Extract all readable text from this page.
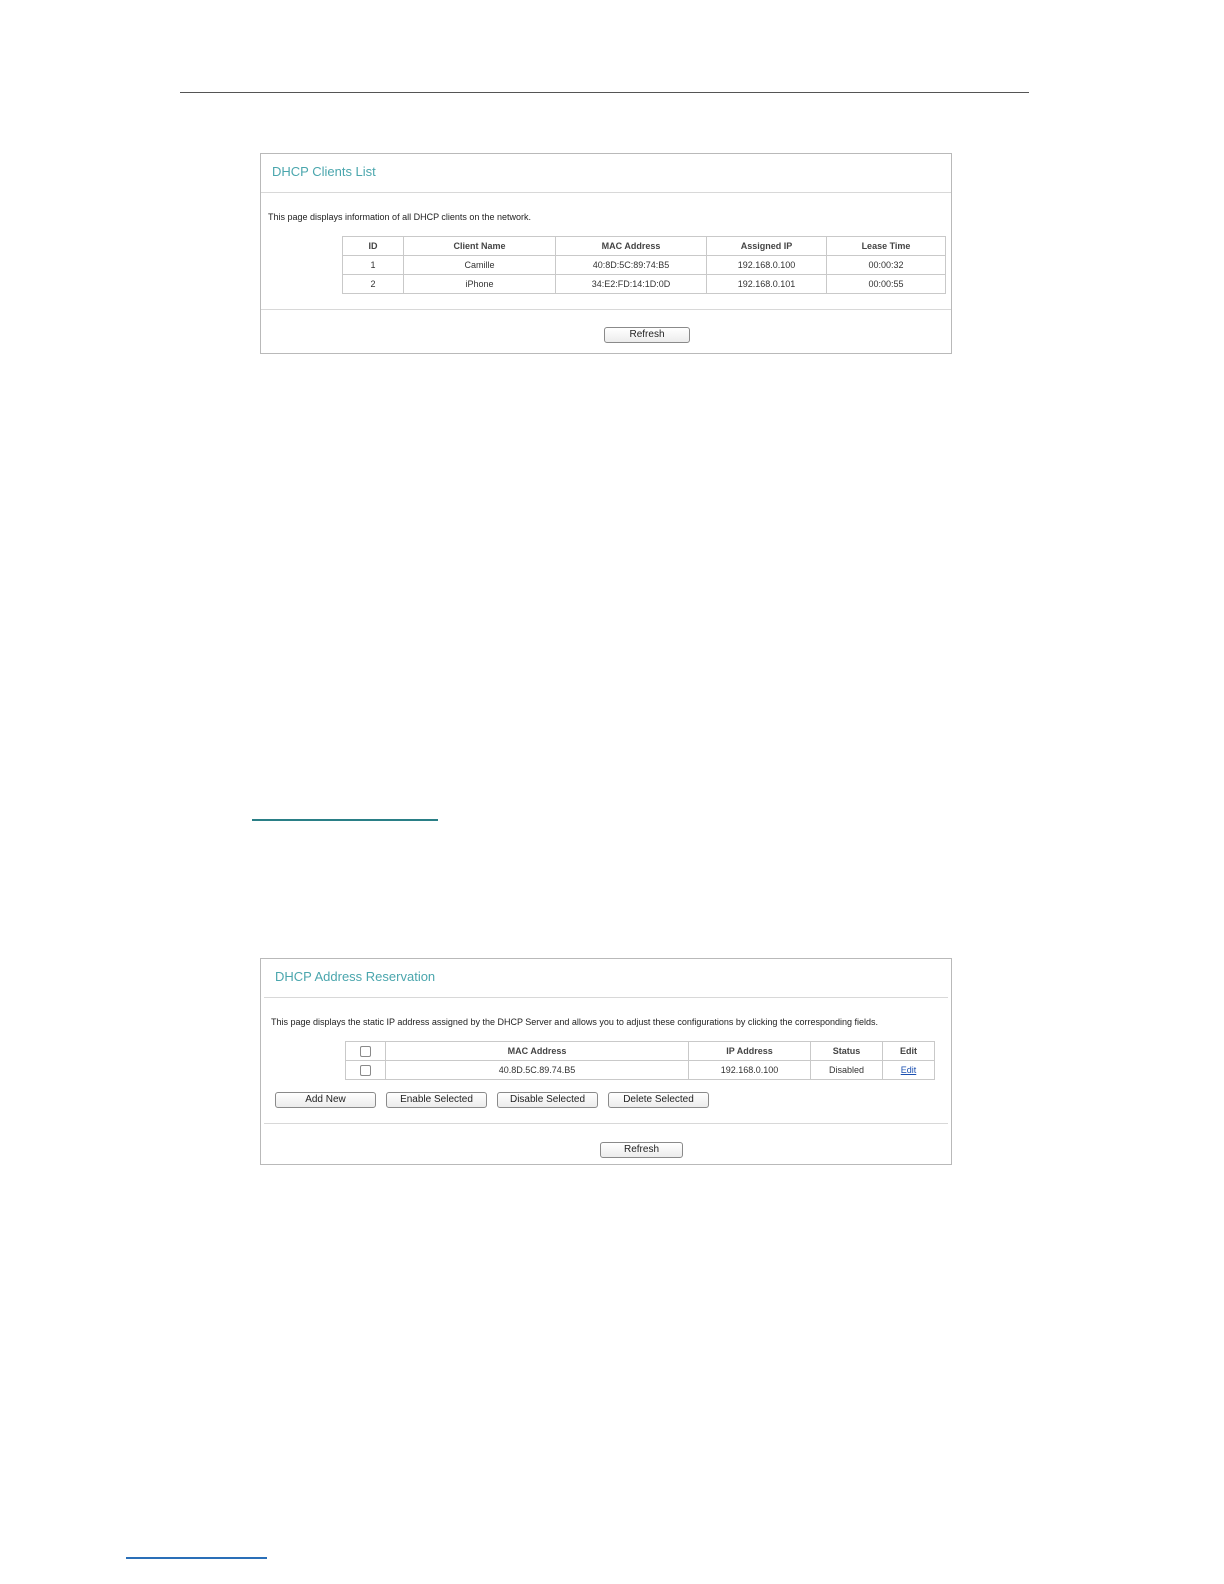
DHCP Clients List
This page displays information of all DHCP clients on the network.
ID	Client Name	MAC Address	Assigned IP	Lease Time
1	Camille	40:8D:5C:89:74:B5	192.168.0.100	00:00:32
2	iPhone	34:E2:FD:14:1D:0D	192.168.0.101	00:00:55
Refresh
DHCP Address Reservation
This page displays the static IP address assigned by the DHCP Server and allows you to adjust these configurations by clicking the corresponding fields.
	MAC Address	IP Address	Status	Edit
	40.8D.5C.89.74.B5	192.168.0.100	Disabled	Edit
Add New	Enable Selected	Disable Selected	Delete Selected
Refresh
